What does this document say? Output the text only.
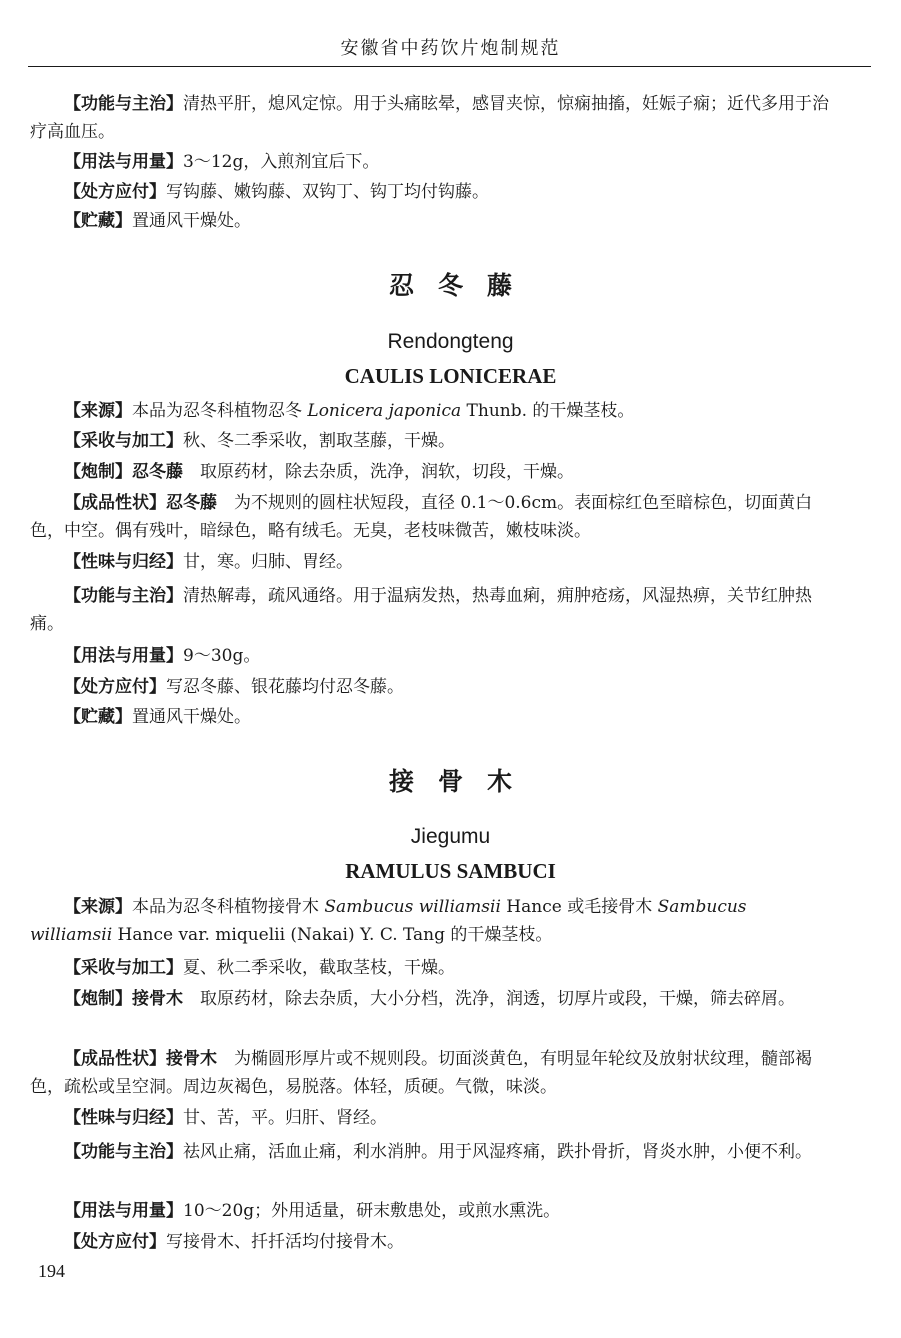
安徽省中药饮片炮制规范

【功能与主治】清热平肝，熄风定惊。用于头痛眩晕，感冒夹惊，惊痫抽搐，妊娠子痫；近代多用于治疗高血压。

【用法与用量】3～12g，入煎剂宜后下。

【处方应付】写钩藤、嫩钩藤、双钩丁、钩丁均付钩藤。

【贮藏】置通风干燥处。

忍冬藤
Rendongteng
CAULIS LONICERAE

【来源】本品为忍冬科植物忍冬 Lonicera japonica Thunb. 的干燥茎枝。

【采收与加工】秋、冬二季采收，割取茎藤，干燥。

【炮制】忍冬藤　取原药材，除去杂质，洗净，润软，切段，干燥。

【成品性状】忍冬藤　为不规则的圆柱状短段，直径 0.1～0.6cm。表面棕红色至暗棕色，切面黄白色，中空。偶有残叶，暗绿色，略有绒毛。无臭，老枝味微苦，嫩枝味淡。

【性味与归经】甘，寒。归肺、胃经。

【功能与主治】清热解毒，疏风通络。用于温病发热，热毒血痢，痈肿疮疡，风湿热痹，关节红肿热痛。

【用法与用量】9～30g。

【处方应付】写忍冬藤、银花藤均付忍冬藤。

【贮藏】置通风干燥处。

接骨木
Jiegumu
RAMULUS SAMBUCI

【来源】本品为忍冬科植物接骨木 Sambucus williamsii Hance 或毛接骨木 Sambucus williamsii Hance var. miquelii (Nakai) Y. C. Tang 的干燥茎枝。

【采收与加工】夏、秋二季采收，截取茎枝，干燥。

【炮制】接骨木　取原药材，除去杂质，大小分档，洗净，润透，切厚片或段，干燥，筛去碎屑。

【成品性状】接骨木　为椭圆形厚片或不规则段。切面淡黄色，有明显年轮纹及放射状纹理，髓部褐色，疏松或呈空洞。周边灰褐色，易脱落。体轻，质硬。气微，味淡。

【性味与归经】甘、苦，平。归肝、肾经。

【功能与主治】祛风止痛，活血止痛，利水消肿。用于风湿疼痛，跌扑骨折，肾炎水肿，小便不利。

【用法与用量】10～20g；外用适量，研末敷患处，或煎水熏洗。

【处方应付】写接骨木、扦扦活均付接骨木。

194
